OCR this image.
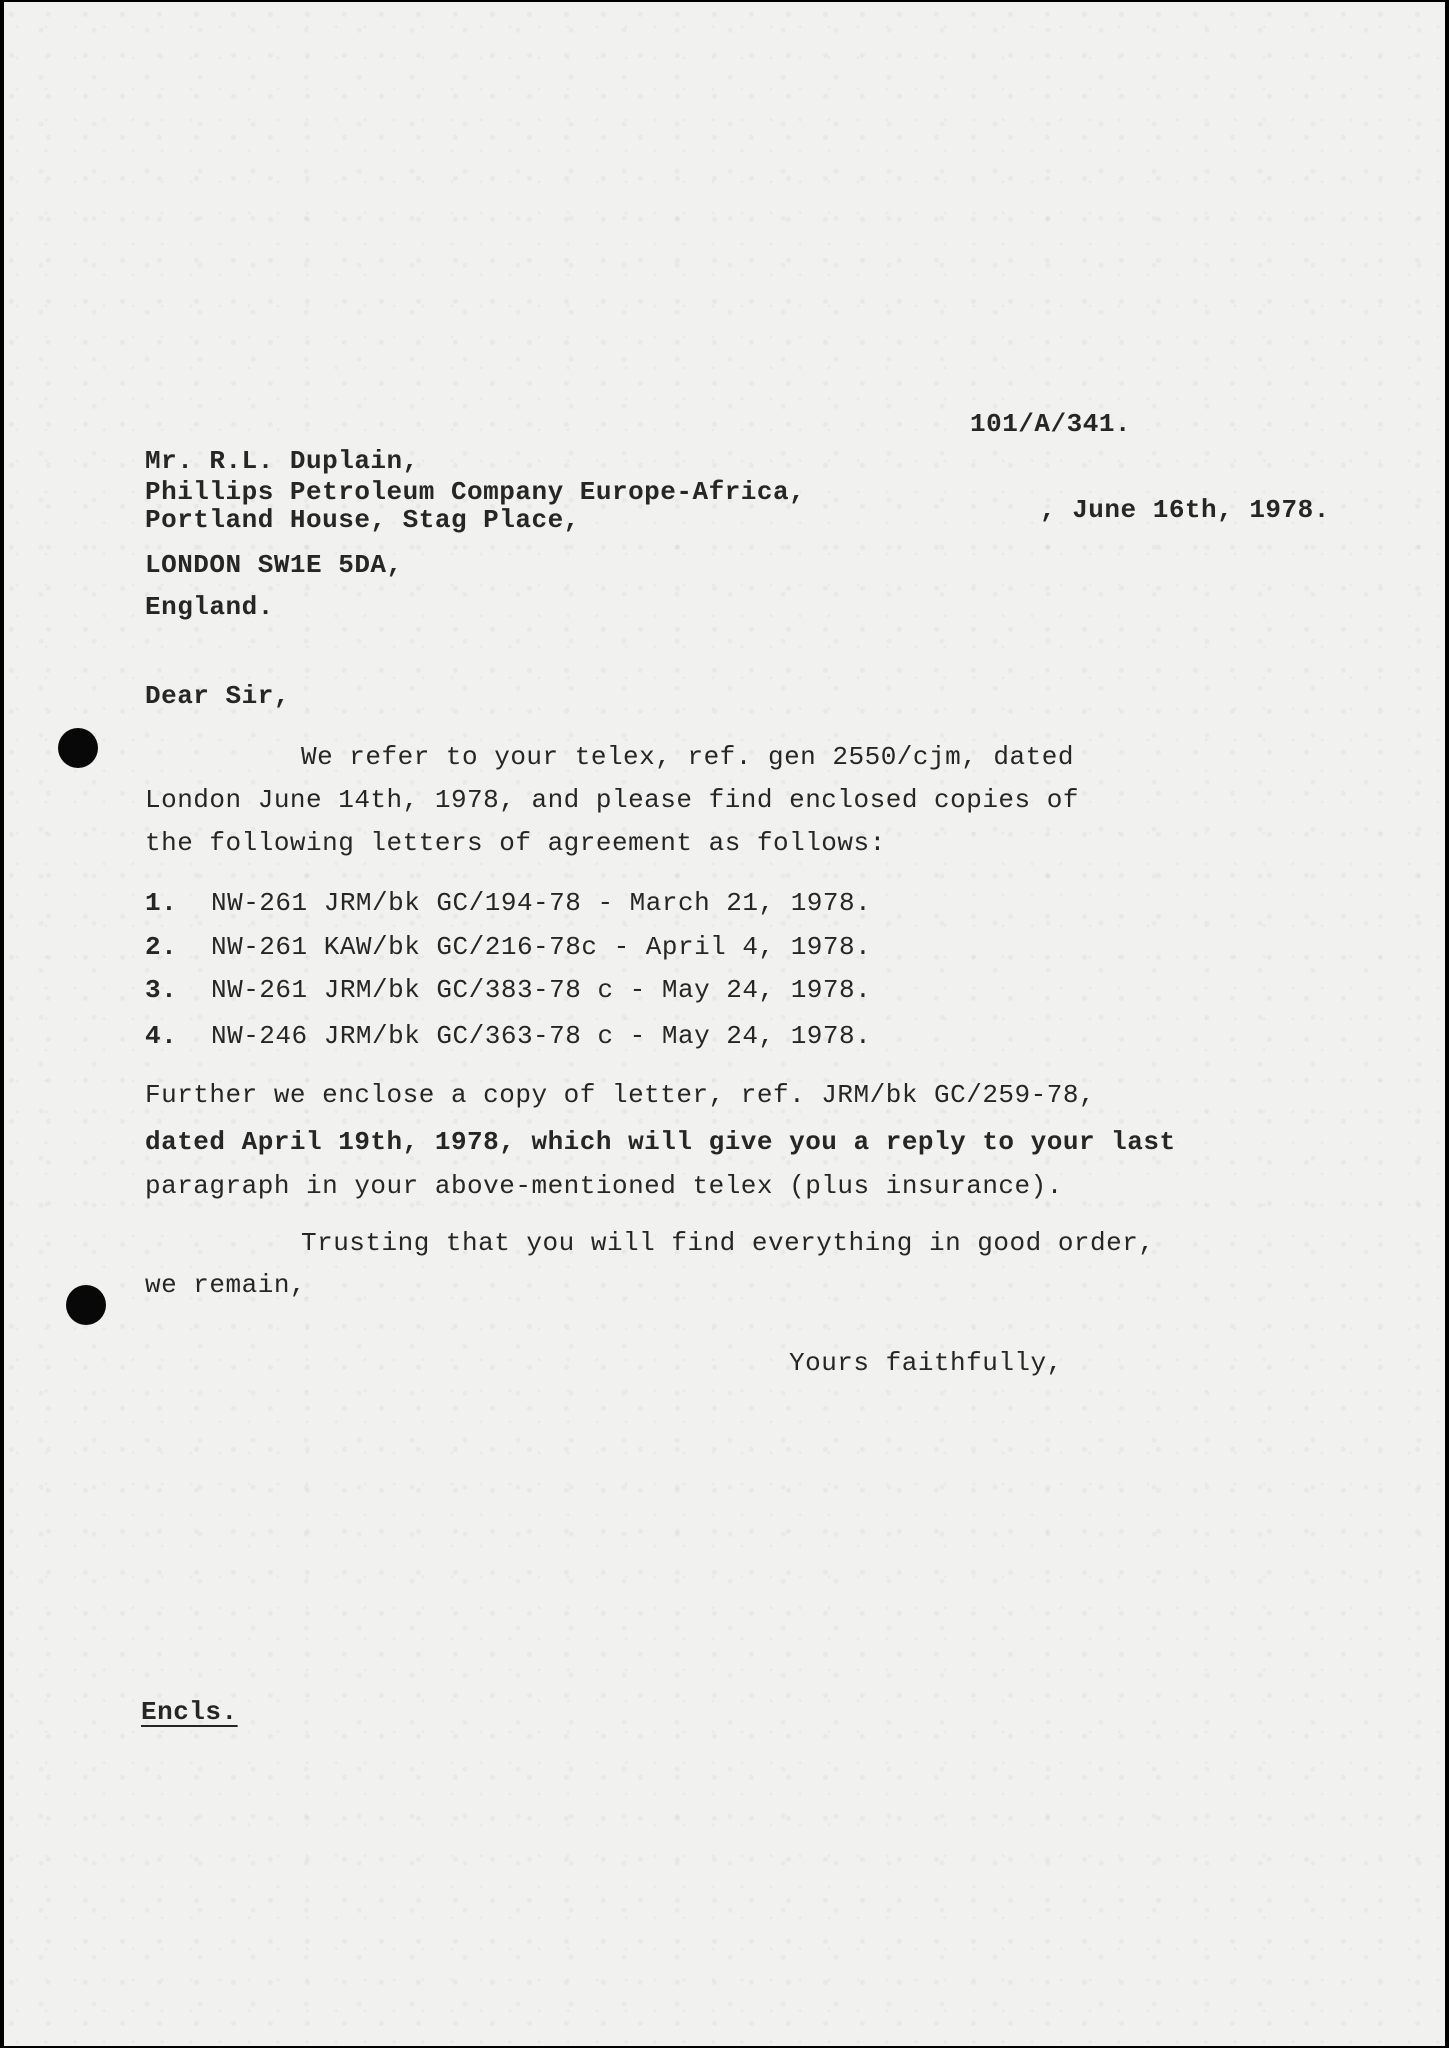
101/A/341.
Mr. R.L. Duplain,
Phillips Petroleum Company Europe-Africa,
Portland House, Stag Place,	, June 16th, 1978.
LONDON SW1E 5DA,
England.
Dear Sir,
We refer to your telex, ref. gen 2550/cjm, dated
London June 14th, 1978, and please find enclosed copies of
the following letters of agreement as follows:
1. NW-261 JRM/bk GC/194-78 - March 21, 1978.
2. NW-261 KAW/bk GC/216-78c - April 4, 1978.
3. NW-261 JRM/bk GC/383-78 c - May 24, 1978.
4. NW-246 JRM/bk GC/363-78 c - May 24, 1978.
Further we enclose a copy of letter, ref. JRM/bk GC/259-78,
dated April 19th, 1978, which will give you a reply to your last
paragraph in your above-mentioned telex (plus insurance).
Trusting that you will find everything in good order,
we remain,
Yours faithfully,
Encls.
